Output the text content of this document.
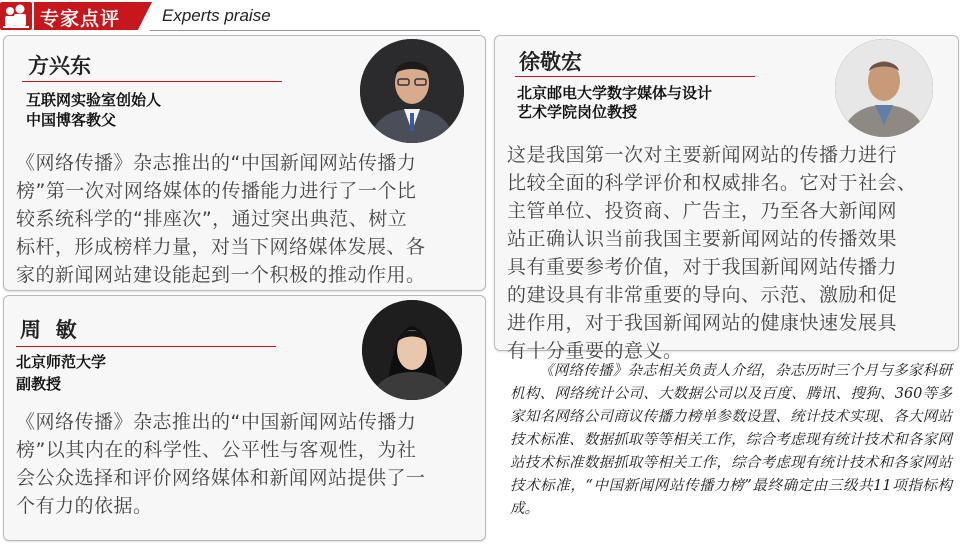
专家点评 Experts praise
方兴东
互联网实验室创始人
中国博客教父
《网络传播》杂志推出的“中国新闻网站传播力
榜”第一次对网络媒体的传播能力进行了一个比
较系统科学的“排座次”，通过突出典范、树立
标杆，形成榜样力量，对当下网络媒体发展、各
家的新闻网站建设能起到一个积极的推动作用。
徐敬宏
北京邮电大学数字媒体与设计
艺术学院岗位教授
这是我国第一次对主要新闻网站的传播力进行
比较全面的科学评价和权威排名。它对于社会、
主管单位、投资商、广告主，乃至各大新闻网
站正确认识当前我国主要新闻网站的传播效果
具有重要参考价值，对于我国新闻网站传播力
的建设具有非常重要的导向、示范、激励和促
进作用，对于我国新闻网站的健康快速发展具
有十分重要的意义。
周  敏
北京师范大学
副教授
《网络传播》杂志推出的“中国新闻网站传播力
榜”以其内在的科学性、公平性与客观性，为社
会公众选择和评价网络媒体和新闻网站提供了一
个有力的依据。
《网络传播》杂志相关负责人介绍，杂志历时三个月与多家科研机构、网络统计公司、大数据公司以及百度、腾讯、搜狗、360等多家知名网络公司商议传播力榜单参数设置、统计技术实现、各大网站技术标准、数据抓取等等相关工作，综合考虑现有统计技术和各家网站技术标准数据抓取等相关工作，综合考虑现有统计技术和各家网站技术标准，“中国新闻网站传播力榜”最终确定由三级共11项指标构成。
